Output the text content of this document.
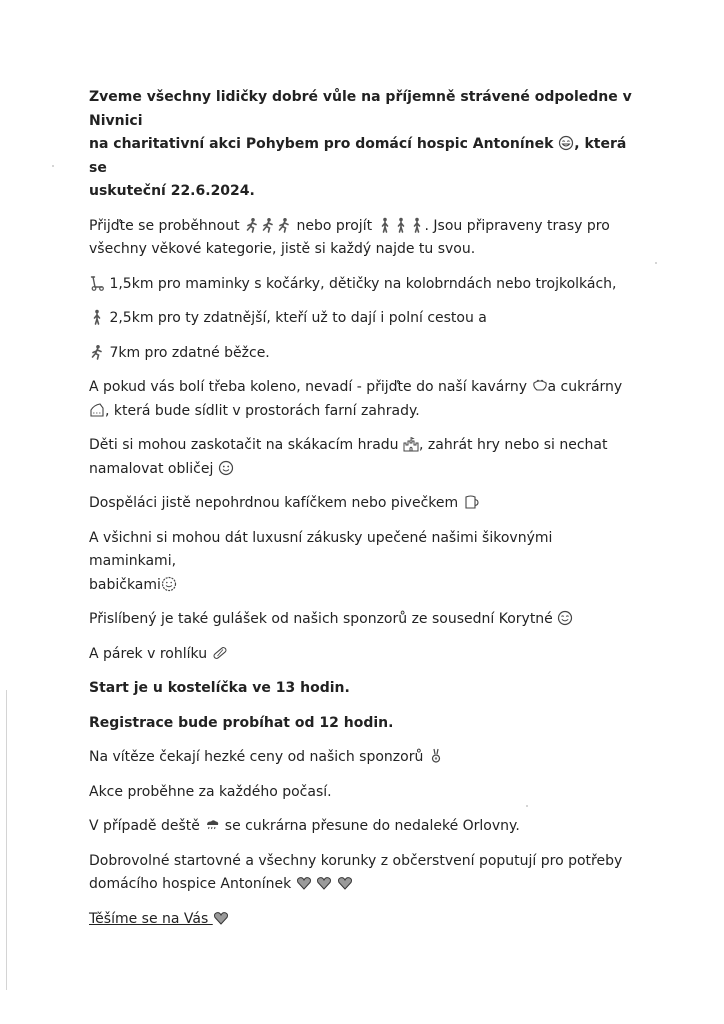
Zveme všechny lidičky dobré vůle na příjemně strávené odpoledne v Nivnici
na charitativní akci Pohybem pro domácí hospic Antonínek
, která se
uskuteční 22.6.2024.

Přijďte se proběhnout	nebo projít	. Jsou připraveny trasy pro
všechny věkové kategorie, jistě si každý najde tu svou.

1,5km pro maminky s kočárky, dětičky na kolobrndách nebo trojkolkách,

2,5km pro ty zdatnější, kteří už to dají i polní cestou a

7km pro zdatné běžce.

A pokud vás bolí třeba koleno, nevadí - přijďte do naší kavárny
a cukrárny

, která bude sídlit v prostorách farní zahrady.

Děti si mohou zaskotačit na skákacím hradu
, zahrát hry nebo si nechat
namalovat obličej

Dospěláci jistě nepohrdnou kafíčkem nebo pivečkem

A všichni si mohou dát luxusní zákusky upečené našimi šikovnými maminkami,
babičkami

Přislíbený je také gulášek od našich sponzorů ze sousední Korytné

A párek v rohlíku

Start je u kostelíčka ve 13 hodin.

Registrace bude probíhat od 12 hodin.

Na vítěze čekají hezké ceny od našich sponzorů

Akce proběhne za každého počasí.

V případě deště
se cukrárna přesune do nedaleké Orlovny.

Dobrovolné startovné a všechny korunky z občerstvení poputují pro potřeby
domácího hospice Antonínek

Těšíme se na Vás
